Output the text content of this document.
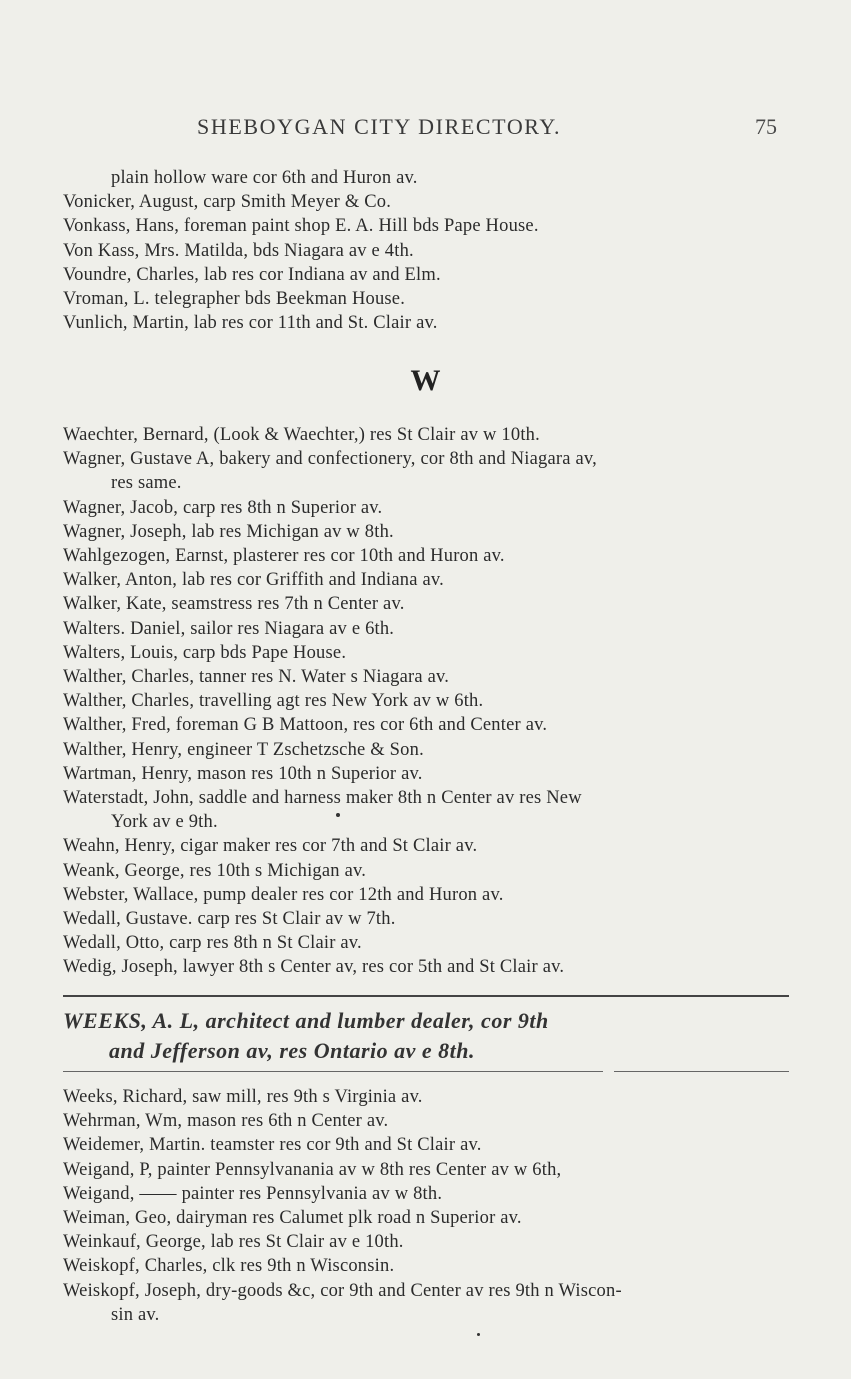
SHEBOYGAN CITY DIRECTORY.	75
plain hollow ware cor 6th and Huron av.
Vonicker, August, carp Smith Meyer & Co.
Vonkass, Hans, foreman paint shop E. A. Hill bds Pape House.
Von Kass, Mrs. Matilda, bds Niagara av e 4th.
Voundre, Charles, lab res cor Indiana av and Elm.
Vroman, L. telegrapher bds Beekman House.
Vunlich, Martin, lab res cor 11th and St. Clair av.
W
Waechter, Bernard, (Look & Waechter,) res St Clair av w 10th.
Wagner, Gustave A, bakery and confectionery, cor 8th and Niagara av,
res same.
Wagner, Jacob, carp res 8th n Superior av.
Wagner, Joseph, lab res Michigan av w 8th.
Wahlgezogen, Earnst, plasterer res cor 10th and Huron av.
Walker, Anton, lab res cor Griffith and Indiana av.
Walker, Kate, seamstress res 7th n Center av.
Walters. Daniel, sailor res Niagara av e 6th.
Walters, Louis, carp bds Pape House.
Walther, Charles, tanner res N. Water s Niagara av.
Walther, Charles, travelling agt res New York av w 6th.
Walther, Fred, foreman G B Mattoon, res cor 6th and Center av.
Walther, Henry, engineer T Zschetzsche & Son.
Wartman, Henry, mason res 10th n Superior av.
Waterstadt, John, saddle and harness maker 8th n Center av res New
York av e 9th.
Weahn, Henry, cigar maker res cor 7th and St Clair av.
Weank, George, res 10th s Michigan av.
Webster, Wallace, pump dealer res cor 12th and Huron av.
Wedall, Gustave. carp res St Clair av w 7th.
Wedall, Otto, carp res 8th n St Clair av.
Wedig, Joseph, lawyer 8th s Center av, res cor 5th and St Clair av.
WEEKS, A. L, architect and lumber dealer, cor 9th
and Jefferson av, res Ontario av e 8th.
Weeks, Richard, saw mill, res 9th s Virginia av.
Wehrman, Wm, mason res 6th n Center av.
Weidemer, Martin. teamster res cor 9th and St Clair av.
Weigand, P, painter Pennsylvanania av w 8th res Center av w 6th,
Weigand, —— painter res Pennsylvania av w 8th.
Weiman, Geo, dairyman res Calumet plk road n Superior av.
Weinkauf, George, lab res St Clair av e 10th.
Weiskopf, Charles, clk res 9th n Wisconsin.
Weiskopf, Joseph, dry-goods &c, cor 9th and Center av res 9th n Wiscon-
sin av.
